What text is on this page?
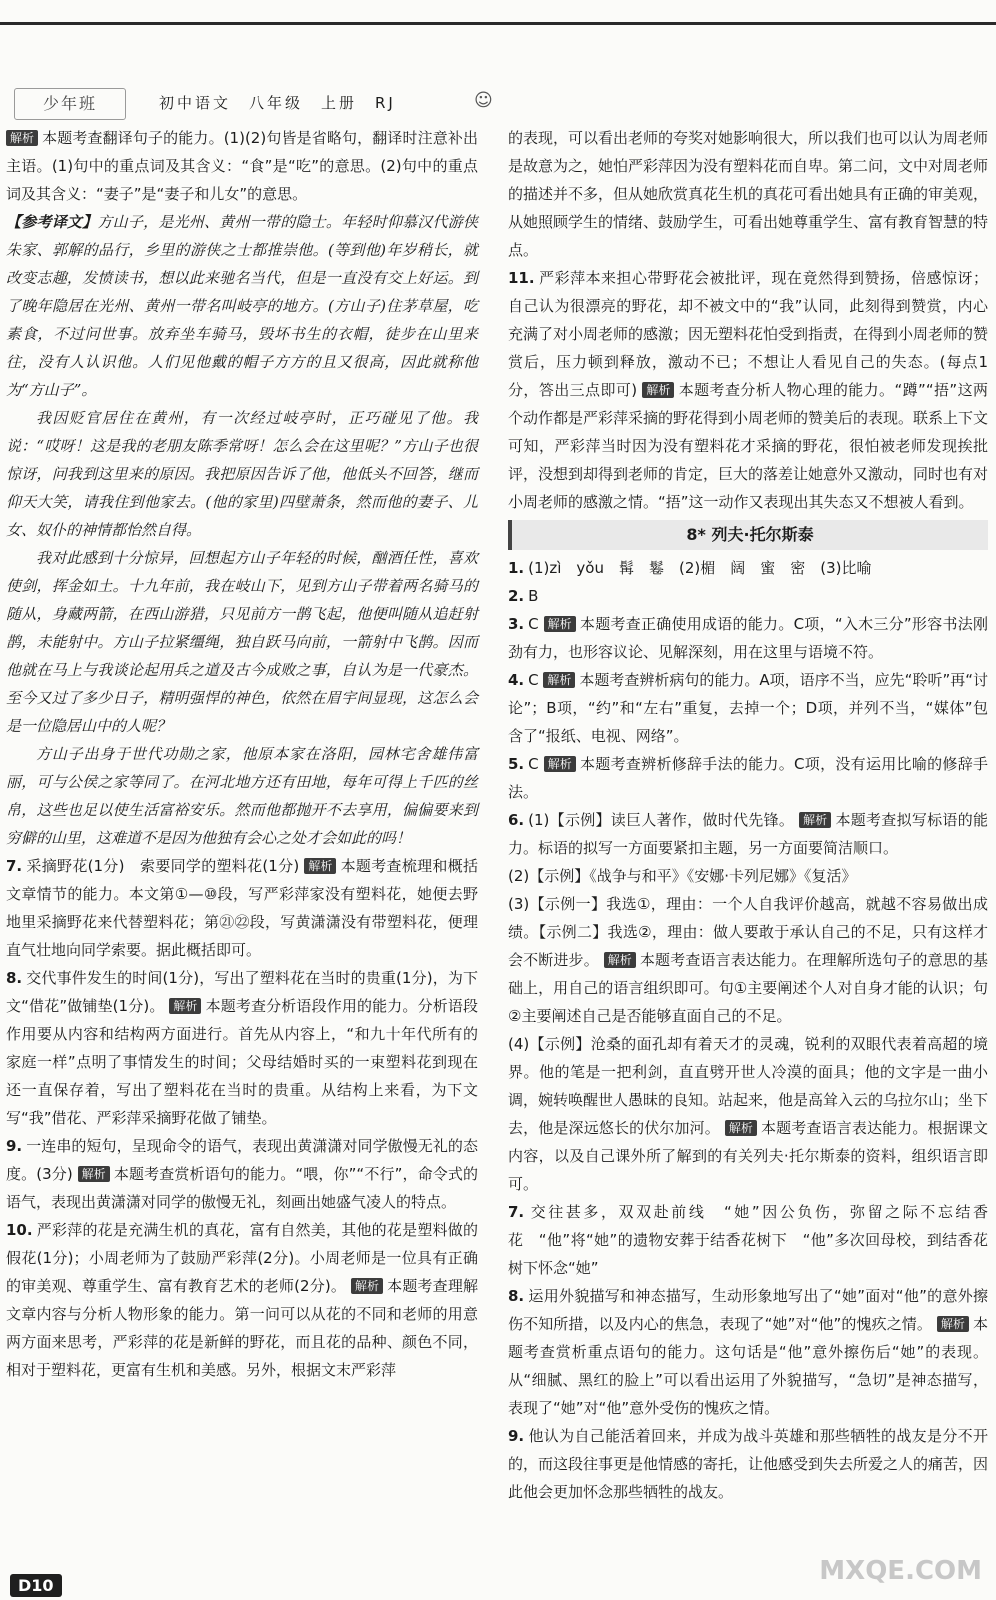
少年班	初中语文　八年级　上册　RJ	☺

解析 本题考查翻译句子的能力。(1)(2)句皆是省略句，翻译时注意补出主语。(1)句中的重点词及其含义：“食”是“吃”的意思。(2)句中的重点词及其含义：“妻子”是“妻子和儿女”的意思。

【参考译文】方山子，是光州、黄州一带的隐士。年轻时仰慕汉代游侠朱家、郭解的品行，乡里的游侠之士都推崇他。(等到他)年岁稍长，就改变志趣，发愤读书，想以此来驰名当代，但是一直没有交上好运。到了晚年隐居在光州、黄州一带名叫岐亭的地方。(方山子)住茅草屋，吃素食，不过问世事。放弃坐车骑马，毁坏书生的衣帽，徒步在山里来往，没有人认识他。人们见他戴的帽子方方的且又很高，因此就称他为“方山子”。

我因贬官居住在黄州，有一次经过岐亭时，正巧碰见了他。我说：“哎呀！这是我的老朋友陈季常呀！怎么会在这里呢？”方山子也很惊讶，问我到这里来的原因。我把原因告诉了他，他低头不回答，继而仰天大笑，请我住到他家去。(他的家里)四壁萧条，然而他的妻子、儿女、奴仆的神情都怡然自得。

我对此感到十分惊异，回想起方山子年轻的时候，酗酒任性，喜欢使剑，挥金如土。十九年前，我在岐山下，见到方山子带着两名骑马的随从，身藏两箭，在西山游猎，只见前方一鹊飞起，他便叫随从追赶射鹊，未能射中。方山子拉紧缰绳，独自跃马向前，一箭射中飞鹊。因而他就在马上与我谈论起用兵之道及古今成败之事，自认为是一代豪杰。至今又过了多少日子，精明强悍的神色，依然在眉宇间显现，这怎么会是一位隐居山中的人呢？

方山子出身于世代功勋之家，他原本家在洛阳，园林宅舍雄伟富丽，可与公侯之家等同了。在河北地方还有田地，每年可得上千匹的丝帛，这些也足以使生活富裕安乐。然而他都抛开不去享用，偏偏要来到穷僻的山里，这难道不是因为他独有会心之处才会如此的吗！

7. 采摘野花(1分)　索要同学的塑料花(1分) 解析 本题考查梳理和概括文章情节的能力。本文第①—⑩段，写严彩萍家没有塑料花，她便去野地里采摘野花来代替塑料花；第㉑㉒段，写黄潇潇没有带塑料花，便理直气壮地向同学索要。据此概括即可。

8. 交代事件发生的时间(1分)，写出了塑料花在当时的贵重(1分)，为下文“借花”做铺垫(1分)。 解析 本题考查分析语段作用的能力。分析语段作用要从内容和结构两方面进行。首先从内容上，“和九十年代所有的家庭一样”点明了事情发生的时间；父母结婚时买的一束塑料花到现在还一直保存着，写出了塑料花在当时的贵重。从结构上来看，为下文写“我”借花、严彩萍采摘野花做了铺垫。

9. 一连串的短句，呈现命令的语气，表现出黄潇潇对同学傲慢无礼的态度。(3分) 解析 本题考查赏析语句的能力。“喂，你”“不行”，命令式的语气，表现出黄潇潇对同学的傲慢无礼，刻画出她盛气凌人的特点。

10. 严彩萍的花是充满生机的真花，富有自然美，其他的花是塑料做的假花(1分)；小周老师为了鼓励严彩萍(2分)。小周老师是一位具有正确的审美观、尊重学生、富有教育艺术的老师(2分)。 解析 本题考查理解文章内容与分析人物形象的能力。第一问可以从花的不同和老师的用意两方面来思考，严彩萍的花是新鲜的野花，而且花的品种、颜色不同，相对于塑料花，更富有生机和美感。另外，根据文末严彩萍

的表现，可以看出老师的夸奖对她影响很大，所以我们也可以认为周老师是故意为之，她怕严彩萍因为没有塑料花而自卑。第二问，文中对周老师的描述并不多，但从她欣赏真花生机的真花可看出她具有正确的审美观，从她照顾学生的情绪、鼓励学生，可看出她尊重学生、富有教育智慧的特点。

11. 严彩萍本来担心带野花会被批评，现在竟然得到赞扬，倍感惊讶；自己认为很漂亮的野花，却不被文中的“我”认同，此刻得到赞赏，内心充满了对小周老师的感激；因无塑料花怕受到指责，在得到小周老师的赞赏后，压力顿到释放，激动不已；不想让人看见自己的失态。(每点1分，答出三点即可) 解析 本题考查分析人物心理的能力。“蹲”“捂”这两个动作都是严彩萍采摘的野花得到小周老师的赞美后的表现。联系上下文可知，严彩萍当时因为没有塑料花才采摘的野花，很怕被老师发现挨批评，没想到却得到老师的肯定，巨大的落差让她意外又激动，同时也有对小周老师的感激之情。“捂”这一动作又表现出其失态又不想被人看到。

8* 列夫·托尔斯泰

1. (1)zì　yǒu　髯　鬈　(2)楣　阔　蜜　密　(3)比喻

2. B

3. C 解析 本题考查正确使用成语的能力。C项，“入木三分”形容书法刚劲有力，也形容议论、见解深刻，用在这里与语境不符。

4. C 解析 本题考查辨析病句的能力。A项，语序不当，应先“聆听”再“讨论”；B项，“约”和“左右”重复，去掉一个；D项，并列不当，“媒体”包含了“报纸、电视、网络”。

5. C 解析 本题考查辨析修辞手法的能力。C项，没有运用比喻的修辞手法。

6. (1)【示例】读巨人著作，做时代先锋。 解析 本题考查拟写标语的能力。标语的拟写一方面要紧扣主题，另一方面要简洁顺口。

(2)【示例】《战争与和平》《安娜·卡列尼娜》《复活》

(3)【示例一】我选①，理由：一个人自我评价越高，就越不容易做出成绩。【示例二】我选②，理由：做人要敢于承认自己的不足，只有这样才会不断进步。 解析 本题考查语言表达能力。在理解所选句子的意思的基础上，用自己的语言组织即可。句①主要阐述个人对自身才能的认识；句②主要阐述自己是否能够直面自己的不足。

(4)【示例】沧桑的面孔却有着天才的灵魂，锐利的双眼代表着高超的境界。他的笔是一把利剑，直直劈开世人冷漠的面具；他的文字是一曲小调，婉转唤醒世人愚昧的良知。站起来，他是高耸入云的乌拉尔山；坐下去，他是深远悠长的伏尔加河。 解析 本题考查语言表达能力。根据课文内容，以及自己课外所了解到的有关列夫·托尔斯泰的资料，组织语言即可。

7. 交往甚多，双双赴前线　“她”因公负伤，弥留之际不忘结香花　“他”将“她”的遗物安葬于结香花树下　“他”多次回母校，到结香花树下怀念“她”

8. 运用外貌描写和神态描写，生动形象地写出了“她”面对“他”的意外擦伤不知所措，以及内心的焦急，表现了“她”对“他”的愧疚之情。 解析 本题考查赏析重点语句的能力。这句话是“他”意外擦伤后“她”的表现。从“细腻、黑红的脸上”可以看出运用了外貌描写，“急切”是神态描写，表现了“她”对“他”意外受伤的愧疚之情。

9. 他认为自己能活着回来，并成为战斗英雄和那些牺牲的战友是分不开的，而这段往事更是他情感的寄托，让他感受到失去所爱之人的痛苦，因此他会更加怀念那些牺牲的战友。

D10	MXQE.COM
